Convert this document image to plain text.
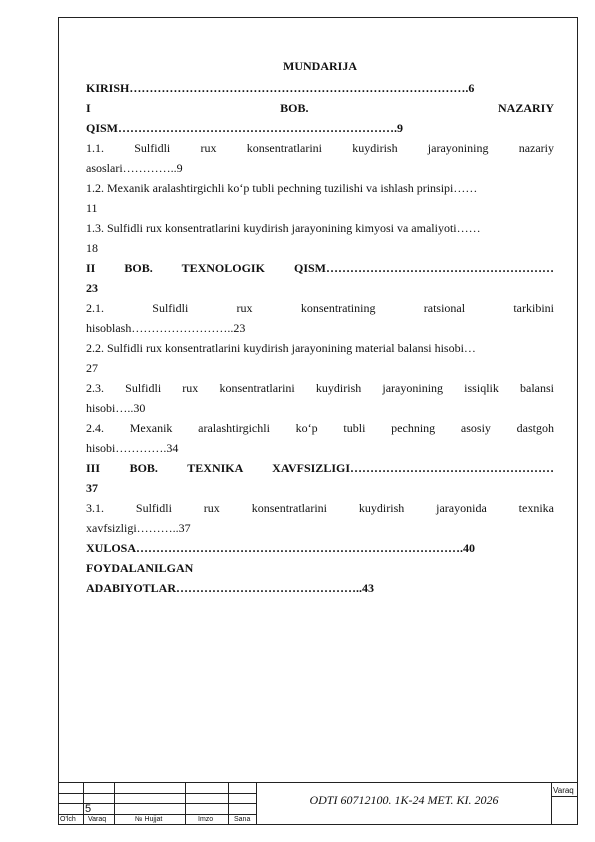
MUNDARIJA
KIRISH………………………………………………………………………….6
I BOB. NAZARIY
QISM…………………………………………………………….9
1.1. Sulfidli rux konsentratlarini kuydirish jarayonining nazariy
asoslari…………..9
1.2. Mexanik aralashtirgichli ko‘p tubli pechning tuzilishi va ishlash prinsipi……
11
1.3. Sulfidli rux konsentratlarini kuydirish jarayonining kimyosi va amaliyoti……
18
II BOB. TEXNOLOGIK QISM…………………………………………………
23
2.1. Sulfidli rux konsentratining ratsional tarkibini
hisoblash……………………..23
2.2. Sulfidli rux konsentratlarini kuydirish jarayonining material balansi hisobi…
27
2.3. Sulfidli rux konsentratlarini kuydirish jarayonining issiqlik balansi
hisobi…..30
2.4. Mexanik aralashtirgichli ko‘p tubli pechning asosiy dastgoh
hisobi………….34
III BOB. TEXNIKA XAVFSIZLIGI……………………………………………
37
3.1. Sulfidli rux konsentratlarini kuydirish jarayonida texnika
xavfsizligi………..37
XULOSA……………………………………………………………………….40
FOYDALANILGAN
ADABIYOTLAR………………………………………..43
ODTI 60712100. 1K-24 MET. KI. 2026
5
Varaq
O'lch Varaq	№ Hujjat	Imzo	Sana
